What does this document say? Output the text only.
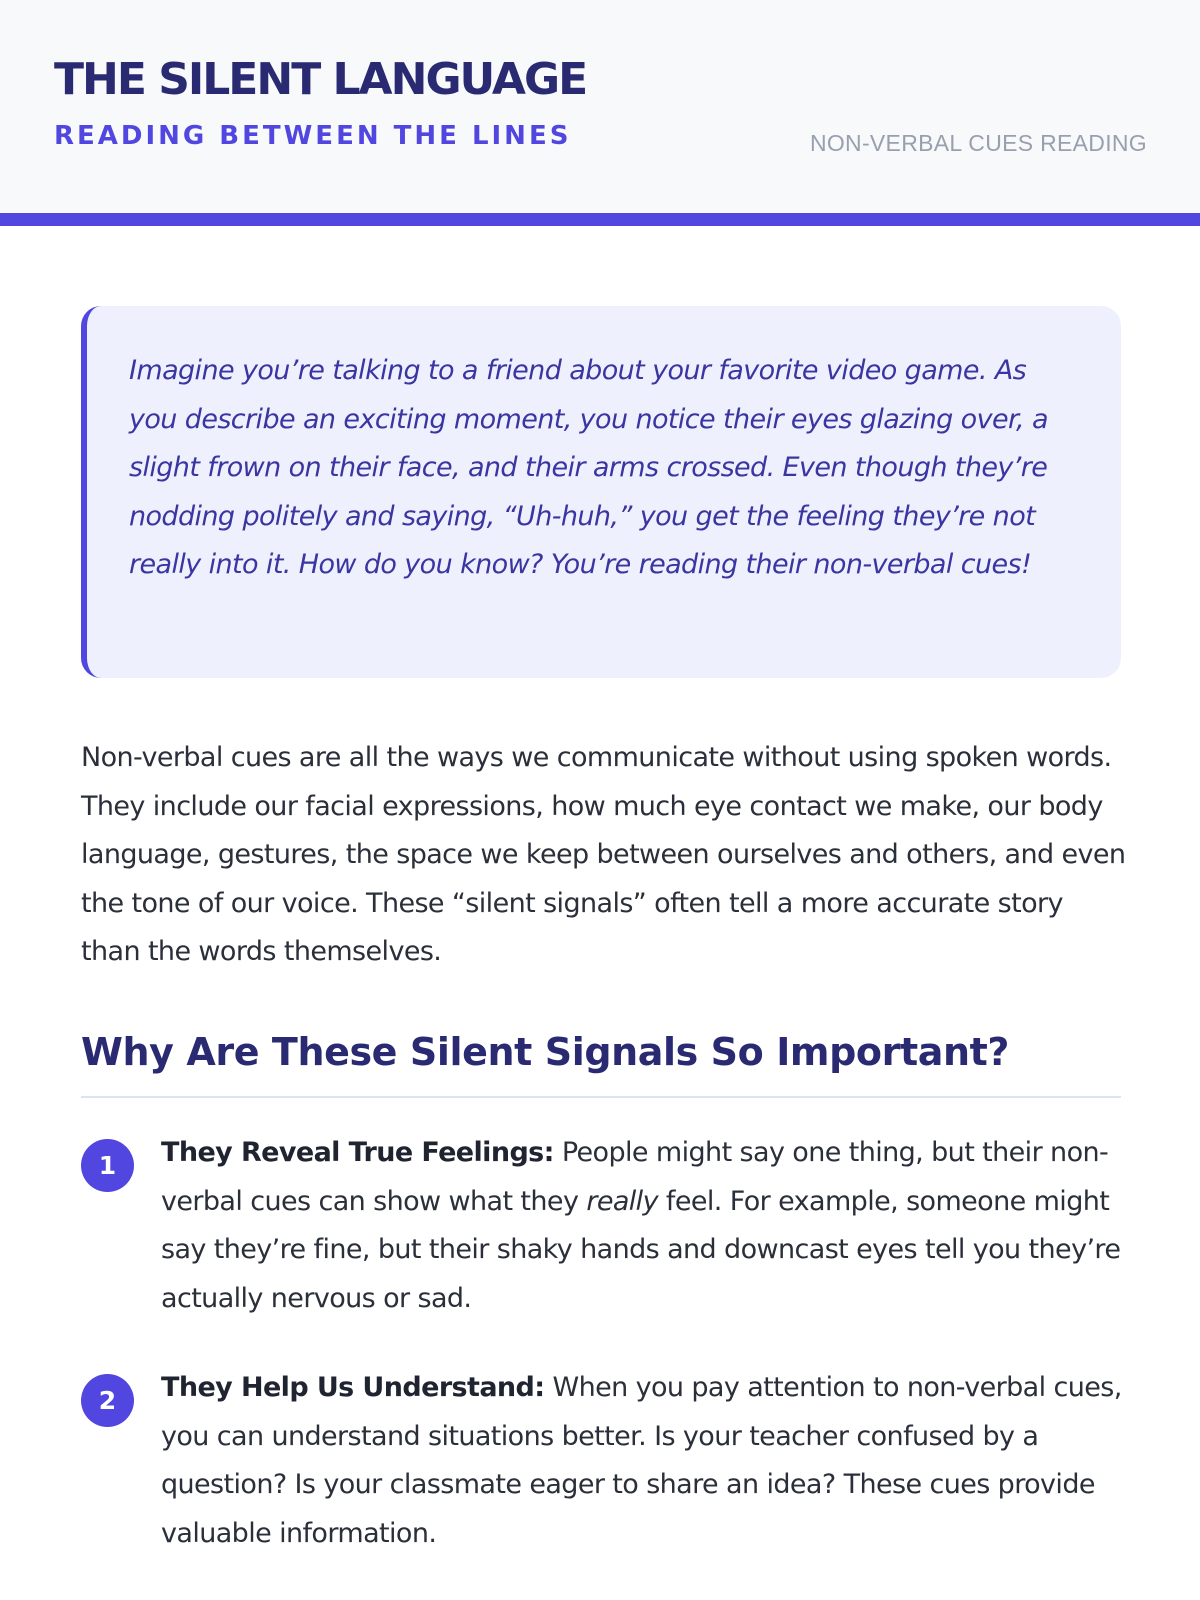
THE SILENT LANGUAGE
READING BETWEEN THE LINES	NON-VERBAL CUES READING

Imagine you’re talking to a friend about your favorite video game. As you describe an exciting moment, you notice their eyes glazing over, a slight frown on their face, and their arms crossed. Even though they’re nodding politely and saying, “Uh-huh,” you get the feeling they’re not really into it. How do you know? You’re reading their non-verbal cues!

Non-verbal cues are all the ways we communicate without using spoken words. They include our facial expressions, how much eye contact we make, our body language, gestures, the space we keep between ourselves and others, and even the tone of our voice. These “silent signals” often tell a more accurate story than the words themselves.

Why Are These Silent Signals So Important?
1	They Reveal True Feelings: People might say one thing, but their non-verbal cues can show what they really feel. For example, someone might say they’re fine, but their shaky hands and downcast eyes tell you they’re actually nervous or sad.

2	They Help Us Understand: When you pay attention to non-verbal cues, you can understand situations better. Is your teacher confused by a question? Is your classmate eager to share an idea? These cues provide valuable information.
